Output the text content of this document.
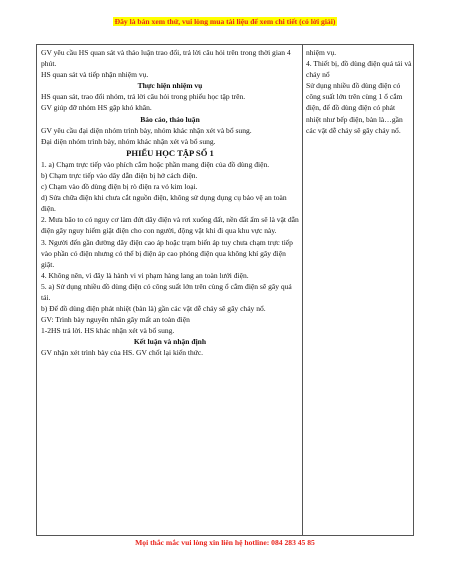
Đây là bản xem thử, vui lòng mua tài liệu để xem chi tiết (có lời giải)

GV yêu cầu HS quan sát và thảo luận trao đổi, trả lời câu hỏi trên trong thời gian 4 phút.

HS quan sát và tiếp nhận nhiệm vụ.

Thực hiện nhiệm vụ

HS quan sát, trao đổi nhóm, trả lời câu hỏi trong phiếu học tập trên.

GV giúp đỡ nhóm HS gặp khó khăn.

Báo cáo, thảo luận

GV yêu cầu đại diện nhóm trình bày, nhóm khác nhận xét và bổ sung.

Đại diện nhóm trình bày, nhóm khác nhận xét và bổ sung.

PHIẾU HỌC TẬP SỐ 1

1. a) Chạm trực tiếp vào phích cắm hoặc phần mang điện của đồ dùng điện.

b) Chạm trực tiếp vào dây dẫn điện bị hở cách điện.

c) Chạm vào đồ dùng điện bị rò điện ra vỏ kim loại.

d) Sửa chữa điện khi chưa cắt nguồn điện, không sử dụng dụng cụ bảo vệ an toàn điện.

2. Mưa bão to có nguy cơ làm đứt dây điện và rơi xuống đất, nền đất ẩm sẽ là vật dẫn điện gây nguy hiểm giật điện cho con người, động vật khi đi qua khu vực này.

3. Người đến gần đường dây điện cao áp hoặc trạm biến áp tuy chưa chạm trực tiếp vào phần có điện nhưng có thể bị điện áp cao phóng điện qua không khí gây điện giật.

4. Không nên, vì đây là hành vi vi phạm hàng lang an toàn lưới điện.

5. a) Sử dụng nhiều đồ dùng điện có công suất lớn trên cùng ổ cắm điện sẽ gây quá tải.

b) Để đồ dùng điện phát nhiệt (bàn là) gần các vật dễ cháy sẽ gây cháy nổ.

GV: Trình bày nguyên nhân gây mất an toàn điện

1-2HS trả lời. HS khác nhận xét và bổ sung.

Kết luận và nhận định

GV nhận xét trình bày của HS. GV chốt lại kiến thức.

nhiệm vụ.

4. Thiết bị, đồ dùng điện quá tải và cháy nổ

Sử dụng nhiều đồ dùng điện có công suất lớn trên cùng 1 ổ cắm điện, để đồ dùng điện có phát nhiệt như bếp điện, bàn là…gần các vật dễ cháy sẽ gây cháy nổ.

Mọi thắc mắc vui lòng xin liên hệ hotline: 084 283 45 85
